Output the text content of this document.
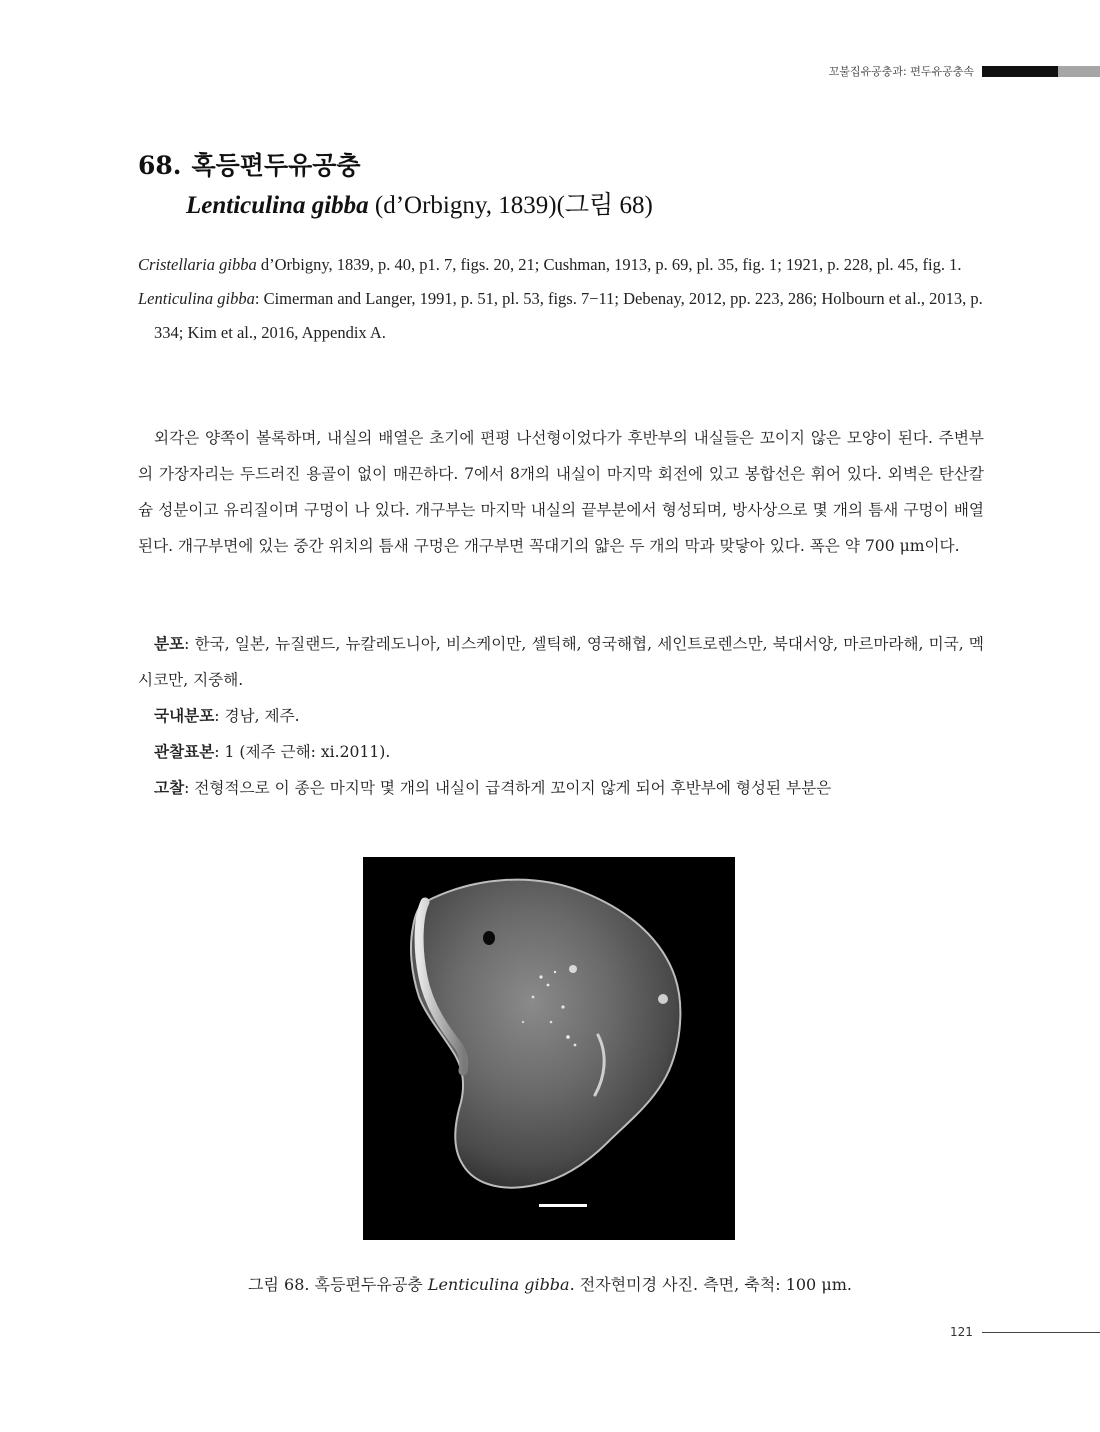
꼬불집유공충과: 편두유공충속
68. 혹등편두유공충
Lenticulina gibba (d’Orbigny, 1839)(그림 68)

Cristellaria gibba d’Orbigny, 1839, p. 40, p1. 7, figs. 20, 21; Cushman, 1913, p. 69, pl. 35, fig. 1; 1921, p. 228, pl. 45, fig. 1.

Lenticulina gibba: Cimerman and Langer, 1991, p. 51, pl. 53, figs. 7−11; Debenay, 2012, pp. 223, 286; Holbourn et al., 2013, p. 334; Kim et al., 2016, Appendix A.

외각은 양쪽이 볼록하며, 내실의 배열은 초기에 편평 나선형이었다가 후반부의 내실들은 꼬이지 않은 모양이 된다. 주변부의 가장자리는 두드러진 용골이 없이 매끈하다. 7에서 8개의 내실이 마지막 회전에 있고 봉합선은 휘어 있다. 외벽은 탄산칼슘 성분이고 유리질이며 구멍이 나 있다. 개구부는 마지막 내실의 끝부분에서 형성되며, 방사상으로 몇 개의 틈새 구멍이 배열된다. 개구부면에 있는 중간 위치의 틈새 구멍은 개구부면 꼭대기의 얇은 두 개의 막과 맞닿아 있다. 폭은 약 700 μm이다.

분포: 한국, 일본, 뉴질랜드, 뉴칼레도니아, 비스케이만, 셀틱해, 영국해협, 세인트로렌스만, 북대서양, 마르마라해, 미국, 멕시코만, 지중해.

국내분포: 경남, 제주.

관찰표본: 1 (제주 근해: xi.2011).

고찰: 전형적으로 이 종은 마지막 몇 개의 내실이 급격하게 꼬이지 않게 되어 후반부에 형성된 부분은

그림 68. 혹등편두유공충 Lenticulina gibba. 전자현미경 사진. 측면, 축척: 100 μm.
121
